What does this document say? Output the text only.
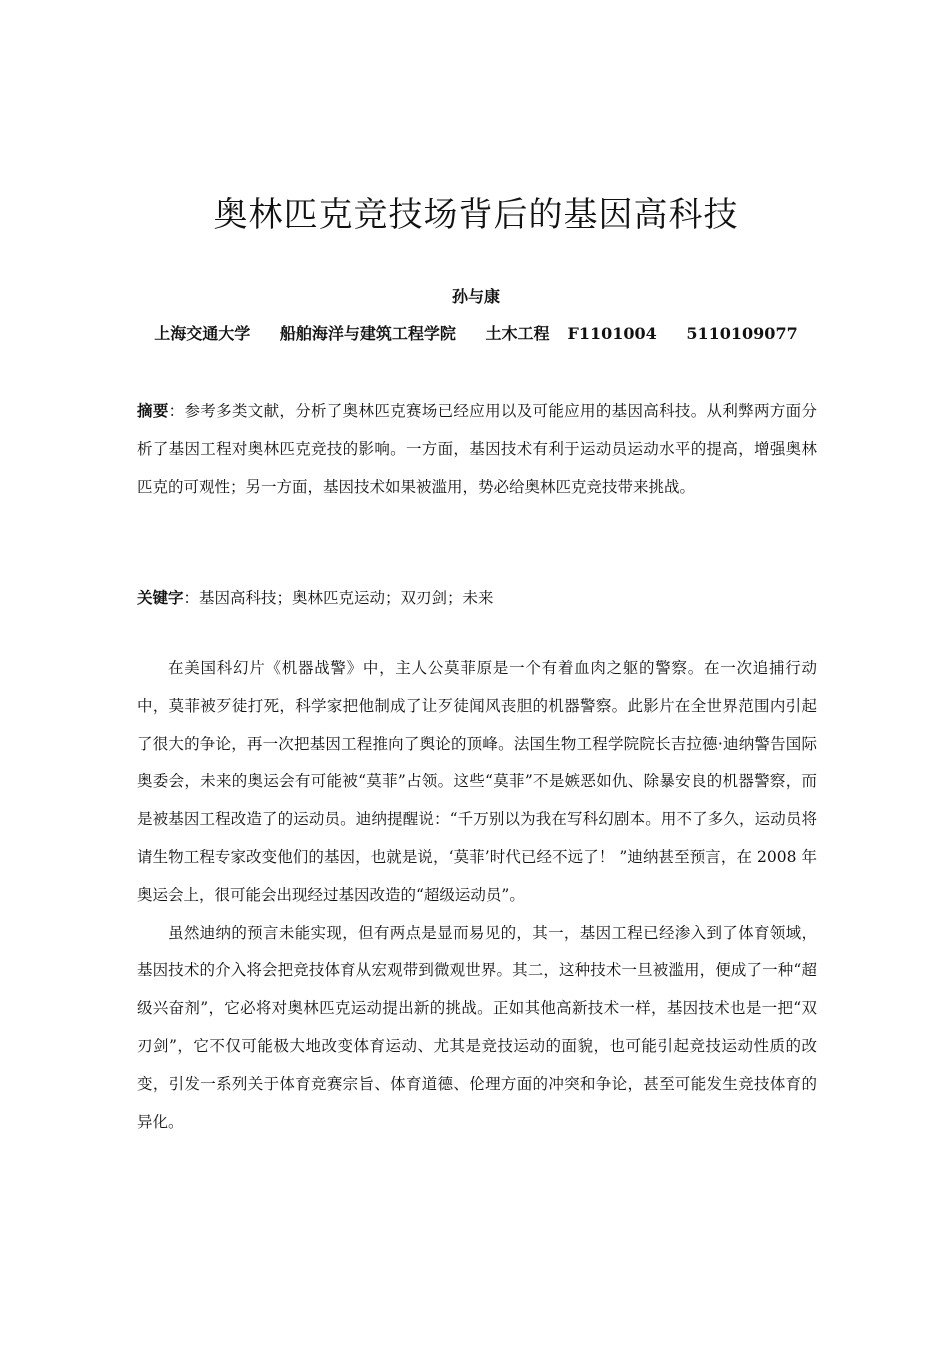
奥林匹克竞技场背后的基因高科技
孙与康
上海交通大学 船舶海洋与建筑工程学院 土木工程 F1101004 5110109077
摘要：参考多类文献，分析了奥林匹克赛场已经应用以及可能应用的基因高科技。从利弊两方面分析了基因工程对奥林匹克竞技的影响。一方面，基因技术有利于运动员运动水平的提高，增强奥林匹克的可观性；另一方面，基因技术如果被滥用，势必给奥林匹克竞技带来挑战。
关键字：基因高科技；奥林匹克运动；双刃剑；未来

在美国科幻片《机器战警》中，主人公莫菲原是一个有着血肉之躯的警察。在一次追捕行动中，莫菲被歹徒打死，科学家把他制成了让歹徒闻风丧胆的机器警察。此影片在全世界范围内引起了很大的争论，再一次把基因工程推向了舆论的顶峰。法国生物工程学院院长吉拉德·迪纳警告国际奥委会，未来的奥运会有可能被“莫菲”占领。这些“莫菲”不是嫉恶如仇、除暴安良的机器警察，而是被基因工程改造了的运动员。迪纳提醒说：“千万别以为我在写科幻剧本。用不了多久，运动员将请生物工程专家改变他们的基因，也就是说，‘莫菲’时代已经不远了！ ”迪纳甚至预言，在 2008 年奥运会上，很可能会出现经过基因改造的“超级运动员”。

虽然迪纳的预言未能实现，但有两点是显而易见的，其一，基因工程已经渗入到了体育领域，基因技术的介入将会把竞技体育从宏观带到微观世界。其二，这种技术一旦被滥用，便成了一种“超级兴奋剂”，它必将对奥林匹克运动提出新的挑战。正如其他高新技术一样，基因技术也是一把“双刃剑”，它不仅可能极大地改变体育运动、尤其是竞技运动的面貌，也可能引起竞技运动性质的改变，引发一系列关于体育竞赛宗旨、体育道德、伦理方面的冲突和争论，甚至可能发生竞技体育的异化。
